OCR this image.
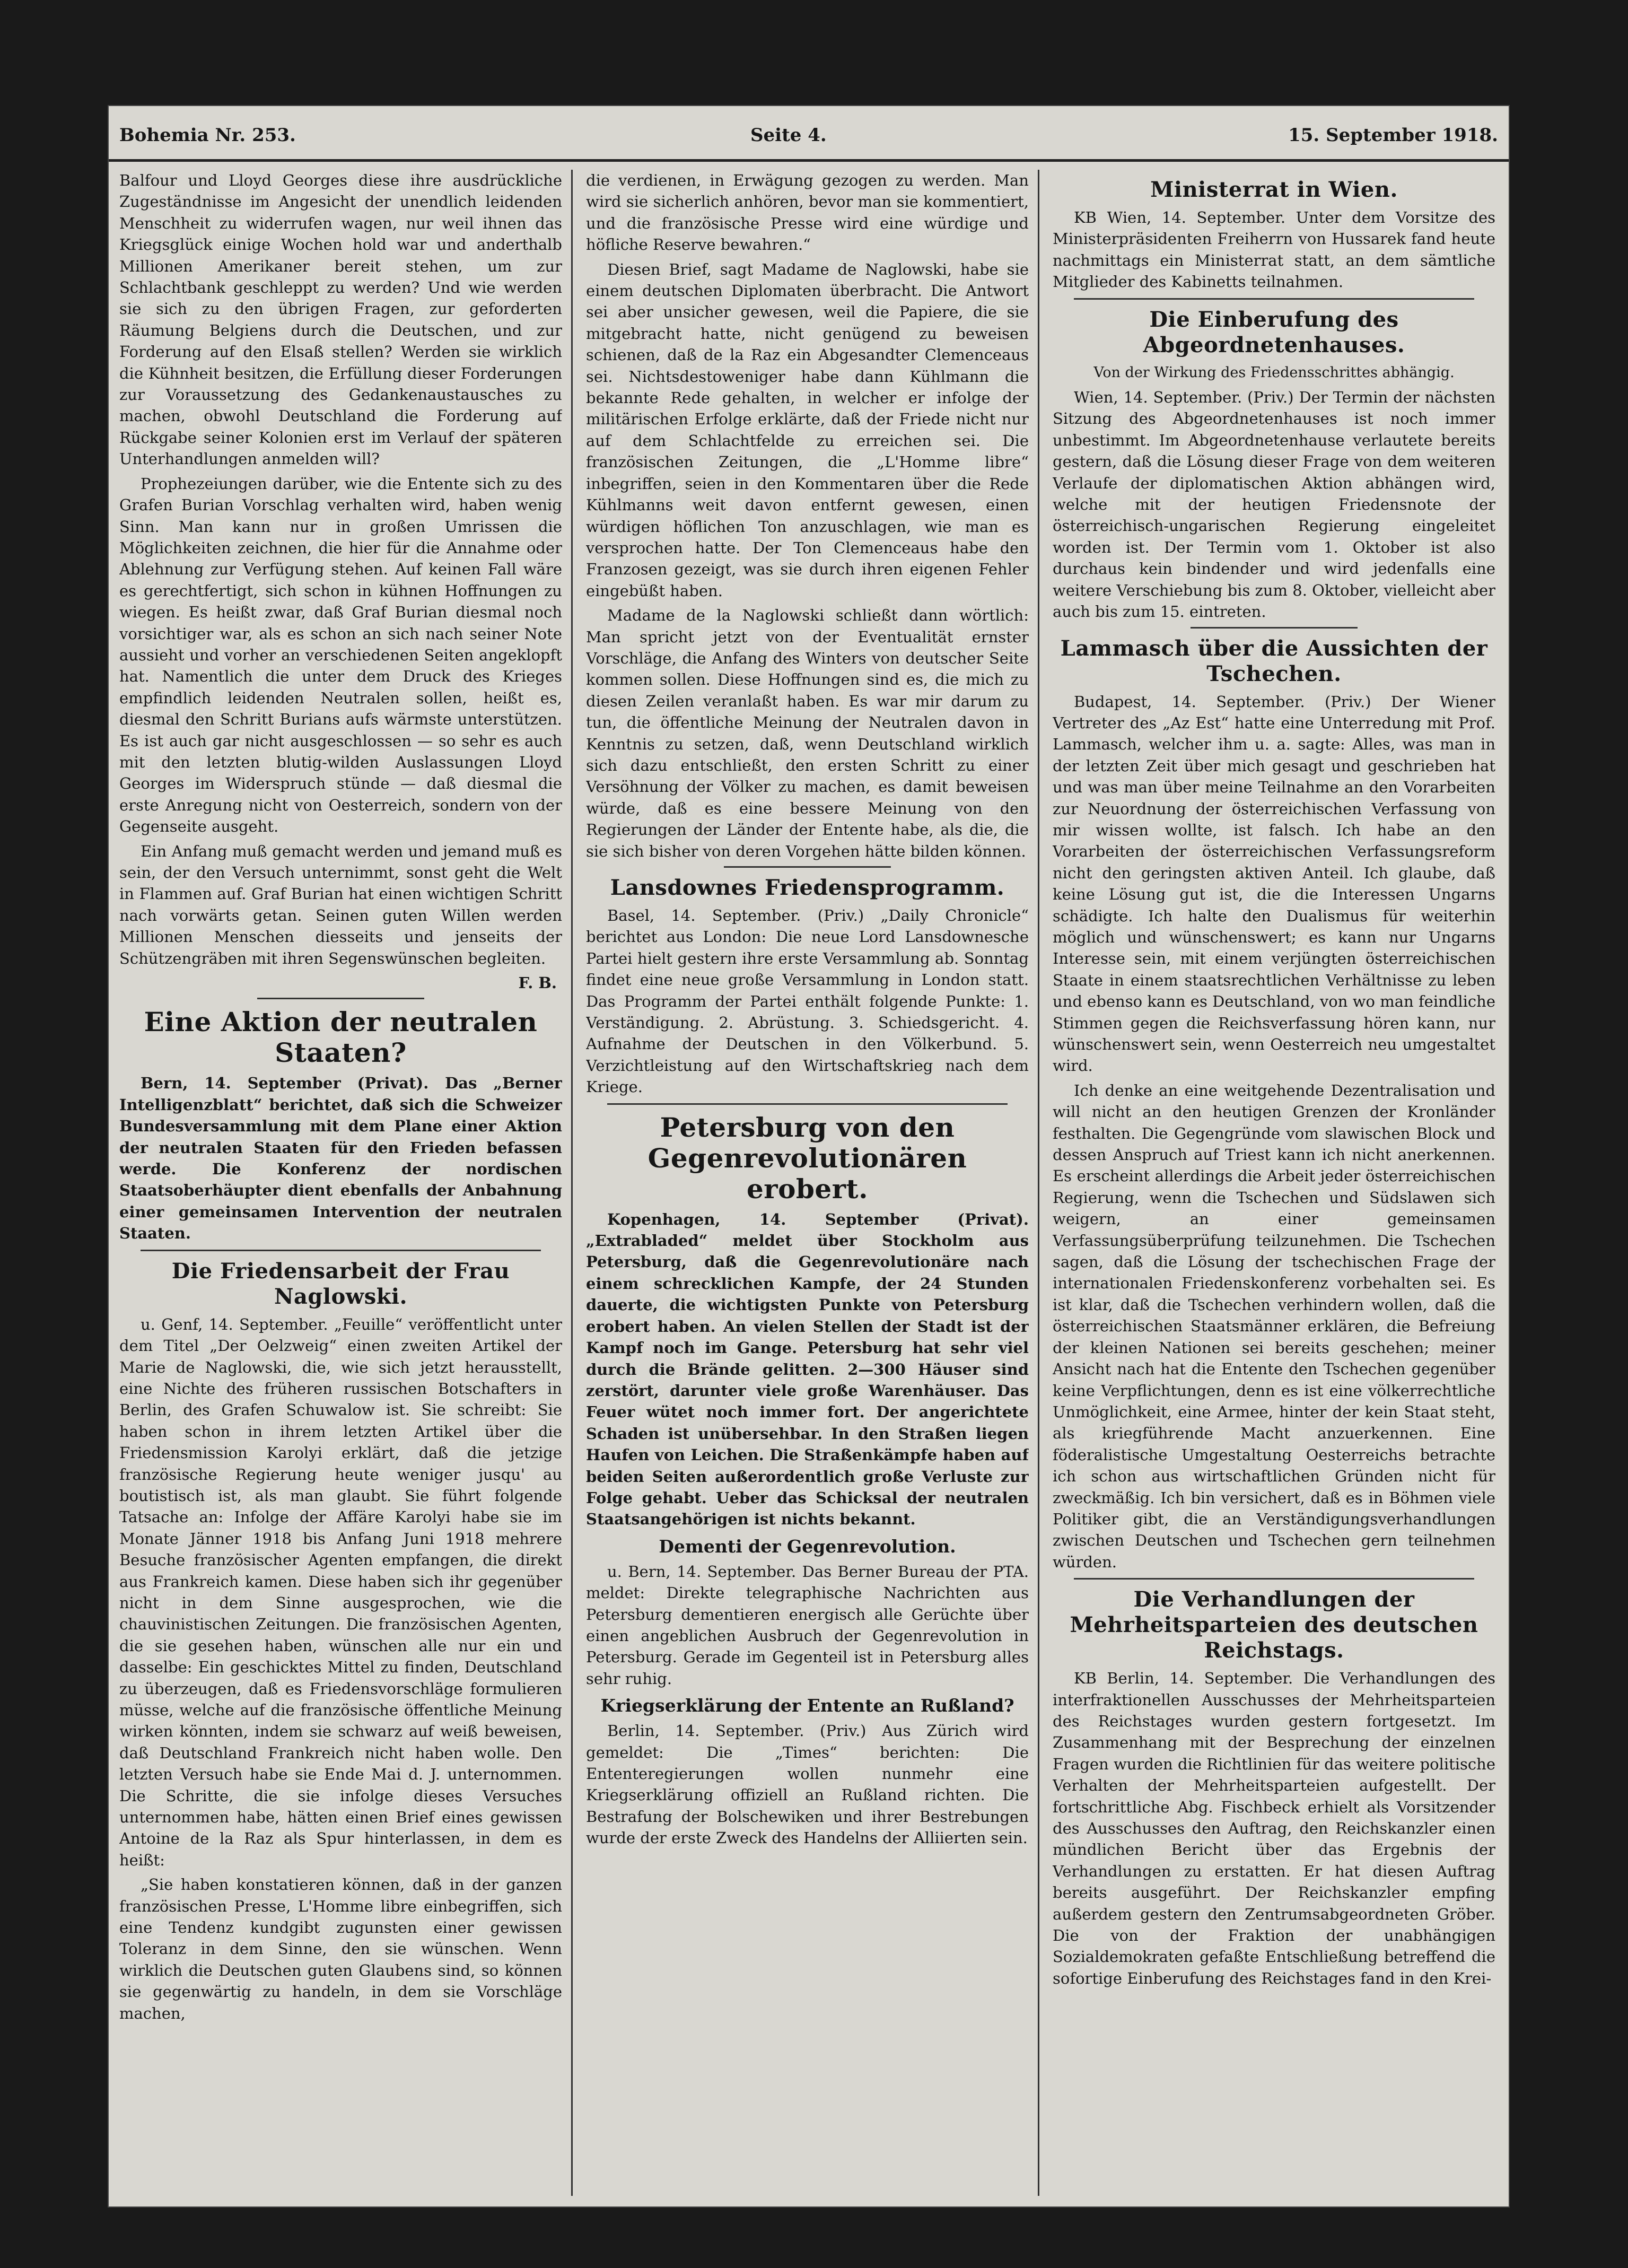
Bohemia Nr. 253.	Seite 4.	15. September 1918.

Balfour und Lloyd Georges diese ihre ausdrückliche Zugeständnisse im Angesicht der unendlich leidenden Menschheit zu widerrufen wagen, nur weil ihnen das Kriegsglück einige Wochen hold war und anderthalb Millionen Amerikaner bereit stehen, um zur Schlachtbank geschleppt zu werden? Und wie werden sie sich zu den übrigen Fragen, zur geforderten Räumung Belgiens durch die Deutschen, und zur Forderung auf den Elsaß stellen? Werden sie wirklich die Kühnheit besitzen, die Erfüllung dieser Forderungen zur Voraussetzung des Gedankenaustausches zu machen, obwohl Deutschland die Forderung auf Rückgabe seiner Kolonien erst im Verlauf der späteren Unterhandlungen anmelden will?

Prophezeiungen darüber, wie die Entente sich zu des Grafen Burian Vorschlag verhalten wird, haben wenig Sinn. Man kann nur in großen Umrissen die Möglichkeiten zeichnen, die hier für die Annahme oder Ablehnung zur Verfügung stehen. Auf keinen Fall wäre es gerechtfertigt, sich schon in kühnen Hoffnungen zu wiegen. Es heißt zwar, daß Graf Burian diesmal noch vorsichtiger war, als es schon an sich nach seiner Note aussieht und vorher an verschiedenen Seiten angeklopft hat. Namentlich die unter dem Druck des Krieges empfindlich leidenden Neutralen sollen, heißt es, diesmal den Schritt Burians aufs wärmste unterstützen. Es ist auch gar nicht ausgeschlossen — so sehr es auch mit den letzten blutig-wilden Auslassungen Lloyd Georges im Widerspruch stünde — daß diesmal die erste Anregung nicht von Oesterreich, sondern von der Gegenseite ausgeht.

Ein Anfang muß gemacht werden und jemand muß es sein, der den Versuch unternimmt, sonst geht die Welt in Flammen auf. Graf Burian hat einen wichtigen Schritt nach vorwärts getan. Seinen guten Willen werden Millionen Menschen diesseits und jenseits der Schützengräben mit ihren Segenswünschen begleiten.

F. B.

Eine Aktion der neutralen Staaten?

Bern, 14. September (Privat). Das „Berner Intelligenzblatt“ berichtet, daß sich die Schweizer Bundesversammlung mit dem Plane einer Aktion der neutralen Staaten für den Frieden befassen werde. Die Konferenz der nordischen Staatsoberhäupter dient ebenfalls der Anbahnung einer gemeinsamen Intervention der neutralen Staaten.

Die Friedensarbeit der Frau Naglowski.

u. Genf, 14. September. „Feuille“ veröffentlicht unter dem Titel „Der Oelzweig“ einen zweiten Artikel der Marie de Naglowski, die, wie sich jetzt herausstellt, eine Nichte des früheren russischen Botschafters in Berlin, des Grafen Schuwalow ist. Sie schreibt: Sie haben schon in ihrem letzten Artikel über die Friedensmission Karolyi erklärt, daß die jetzige französische Regierung heute weniger jusqu' au boutistisch ist, als man glaubt. Sie führt folgende Tatsache an: Infolge der Affäre Karolyi habe sie im Monate Jänner 1918 bis Anfang Juni 1918 mehrere Besuche französischer Agenten empfangen, die direkt aus Frankreich kamen. Diese haben sich ihr gegenüber nicht in dem Sinne ausgesprochen, wie die chauvinistischen Zeitungen. Die französischen Agenten, die sie gesehen haben, wünschen alle nur ein und dasselbe: Ein geschicktes Mittel zu finden, Deutschland zu überzeugen, daß es Friedensvorschläge formulieren müsse, welche auf die französische öffentliche Meinung wirken könnten, indem sie schwarz auf weiß beweisen, daß Deutschland Frankreich nicht haben wolle. Den letzten Versuch habe sie Ende Mai d. J. unternommen. Die Schritte, die sie infolge dieses Versuches unternommen habe, hätten einen Brief eines gewissen Antoine de la Raz als Spur hinterlassen, in dem es heißt:

„Sie haben konstatieren können, daß in der ganzen französischen Presse, L'Homme libre einbegriffen, sich eine Tendenz kundgibt zugunsten einer gewissen Toleranz in dem Sinne, den sie wünschen. Wenn wirklich die Deutschen guten Glaubens sind, so können sie gegenwärtig zu handeln, in dem sie Vorschläge machen,

die verdienen, in Erwägung gezogen zu werden. Man wird sie sicherlich anhören, bevor man sie kommentiert, und die französische Presse wird eine würdige und höfliche Reserve bewahren.“

Diesen Brief, sagt Madame de Naglowski, habe sie einem deutschen Diplomaten überbracht. Die Antwort sei aber unsicher gewesen, weil die Papiere, die sie mitgebracht hatte, nicht genügend zu beweisen schienen, daß de la Raz ein Abgesandter Clemenceaus sei. Nichtsdestoweniger habe dann Kühlmann die bekannte Rede gehalten, in welcher er infolge der militärischen Erfolge erklärte, daß der Friede nicht nur auf dem Schlachtfelde zu erreichen sei. Die französischen Zeitungen, die „L'Homme libre“ inbegriffen, seien in den Kommentaren über die Rede Kühlmanns weit davon entfernt gewesen, einen würdigen höflichen Ton anzuschlagen, wie man es versprochen hatte. Der Ton Clemenceaus habe den Franzosen gezeigt, was sie durch ihren eigenen Fehler eingebüßt haben.

Madame de la Naglowski schließt dann wörtlich: Man spricht jetzt von der Eventualität ernster Vorschläge, die Anfang des Winters von deutscher Seite kommen sollen. Diese Hoffnungen sind es, die mich zu diesen Zeilen veranlaßt haben. Es war mir darum zu tun, die öffentliche Meinung der Neutralen davon in Kenntnis zu setzen, daß, wenn Deutschland wirklich sich dazu entschließt, den ersten Schritt zu einer Versöhnung der Völker zu machen, es damit beweisen würde, daß es eine bessere Meinung von den Regierungen der Länder der Entente habe, als die, die sie sich bisher von deren Vorgehen hätte bilden können.

Lansdownes Friedensprogramm.

Basel, 14. September. (Priv.) „Daily Chronicle“ berichtet aus London: Die neue Lord Lansdownesche Partei hielt gestern ihre erste Versammlung ab. Sonntag findet eine neue große Versammlung in London statt. Das Programm der Partei enthält folgende Punkte: 1. Verständigung. 2. Abrüstung. 3. Schiedsgericht. 4. Aufnahme der Deutschen in den Völkerbund. 5. Verzichtleistung auf den Wirtschaftskrieg nach dem Kriege.

Petersburg von den Gegenrevolutionären erobert.

Kopenhagen, 14. September (Privat). „Extrabladed“ meldet über Stockholm aus Petersburg, daß die Gegenrevolutionäre nach einem schrecklichen Kampfe, der 24 Stunden dauerte, die wichtigsten Punkte von Petersburg erobert haben. An vielen Stellen der Stadt ist der Kampf noch im Gange. Petersburg hat sehr viel durch die Brände gelitten. 2—300 Häuser sind zerstört, darunter viele große Warenhäuser. Das Feuer wütet noch immer fort. Der angerichtete Schaden ist unübersehbar. In den Straßen liegen Haufen von Leichen. Die Straßenkämpfe haben auf beiden Seiten außerordentlich große Verluste zur Folge gehabt. Ueber das Schicksal der neutralen Staatsangehörigen ist nichts bekannt.

Dementi der Gegenrevolution.

u. Bern, 14. September. Das Berner Bureau der PTA. meldet: Direkte telegraphische Nachrichten aus Petersburg dementieren energisch alle Gerüchte über einen angeblichen Ausbruch der Gegenrevolution in Petersburg. Gerade im Gegenteil ist in Petersburg alles sehr ruhig.

Kriegserklärung der Entente an Rußland?

Berlin, 14. September. (Priv.) Aus Zürich wird gemeldet: Die „Times“ berichten: Die Ententeregierungen wollen nunmehr eine Kriegserklärung offiziell an Rußland richten. Die Bestrafung der Bolschewiken und ihrer Bestrebungen wurde der erste Zweck des Handelns der Alliierten sein.

Ministerrat in Wien.

KB Wien, 14. September. Unter dem Vorsitze des Ministerpräsidenten Freiherrn von Hussarek fand heute nachmittags ein Ministerrat statt, an dem sämtliche Mitglieder des Kabinetts teilnahmen.

Die Einberufung des Abgeordnetenhauses.

Von der Wirkung des Friedensschrittes abhängig.

Wien, 14. September. (Priv.) Der Termin der nächsten Sitzung des Abgeordnetenhauses ist noch immer unbestimmt. Im Abgeordnetenhause verlautete bereits gestern, daß die Lösung dieser Frage von dem weiteren Verlaufe der diplomatischen Aktion abhängen wird, welche mit der heutigen Friedensnote der österreichisch-ungarischen Regierung eingeleitet worden ist. Der Termin vom 1. Oktober ist also durchaus kein bindender und wird jedenfalls eine weitere Verschiebung bis zum 8. Oktober, vielleicht aber auch bis zum 15. eintreten.

Lammasch über die Aussichten der Tschechen.

Budapest, 14. September. (Priv.) Der Wiener Vertreter des „Az Est“ hatte eine Unterredung mit Prof. Lammasch, welcher ihm u. a. sagte: Alles, was man in der letzten Zeit über mich gesagt und geschrieben hat und was man über meine Teilnahme an den Vorarbeiten zur Neuordnung der österreichischen Verfassung von mir wissen wollte, ist falsch. Ich habe an den Vorarbeiten der österreichischen Verfassungsreform nicht den geringsten aktiven Anteil. Ich glaube, daß keine Lösung gut ist, die die Interessen Ungarns schädigte. Ich halte den Dualismus für weiterhin möglich und wünschenswert; es kann nur Ungarns Interesse sein, mit einem verjüngten österreichischen Staate in einem staatsrechtlichen Verhältnisse zu leben und ebenso kann es Deutschland, von wo man feindliche Stimmen gegen die Reichsverfassung hören kann, nur wünschenswert sein, wenn Oesterreich neu umgestaltet wird.

Ich denke an eine weitgehende Dezentralisation und will nicht an den heutigen Grenzen der Kronländer festhalten. Die Gegengründe vom slawischen Block und dessen Anspruch auf Triest kann ich nicht anerkennen. Es erscheint allerdings die Arbeit jeder österreichischen Regierung, wenn die Tschechen und Südslawen sich weigern, an einer gemeinsamen Verfassungsüberprüfung teilzunehmen. Die Tschechen sagen, daß die Lösung der tschechischen Frage der internationalen Friedenskonferenz vorbehalten sei. Es ist klar, daß die Tschechen verhindern wollen, daß die österreichischen Staatsmänner erklären, die Befreiung der kleinen Nationen sei bereits geschehen; meiner Ansicht nach hat die Entente den Tschechen gegenüber keine Verpflichtungen, denn es ist eine völkerrechtliche Unmöglichkeit, eine Armee, hinter der kein Staat steht, als kriegführende Macht anzuerkennen. Eine föderalistische Umgestaltung Oesterreichs betrachte ich schon aus wirtschaftlichen Gründen nicht für zweckmäßig. Ich bin versichert, daß es in Böhmen viele Politiker gibt, die an Verständigungsverhandlungen zwischen Deutschen und Tschechen gern teilnehmen würden.

Die Verhandlungen der Mehrheitsparteien des deutschen Reichstags.

KB Berlin, 14. September. Die Verhandlungen des interfraktionellen Ausschusses der Mehrheitsparteien des Reichstages wurden gestern fortgesetzt. Im Zusammenhang mit der Besprechung der einzelnen Fragen wurden die Richtlinien für das weitere politische Verhalten der Mehrheitsparteien aufgestellt. Der fortschrittliche Abg. Fischbeck erhielt als Vorsitzender des Ausschusses den Auftrag, den Reichskanzler einen mündlichen Bericht über das Ergebnis der Verhandlungen zu erstatten. Er hat diesen Auftrag bereits ausgeführt. Der Reichskanzler empfing außerdem gestern den Zentrumsabgeordneten Gröber. Die von der Fraktion der unabhängigen Sozialdemokraten gefaßte Entschließung betreffend die sofortige Einberufung des Reichstages fand in den Krei-
